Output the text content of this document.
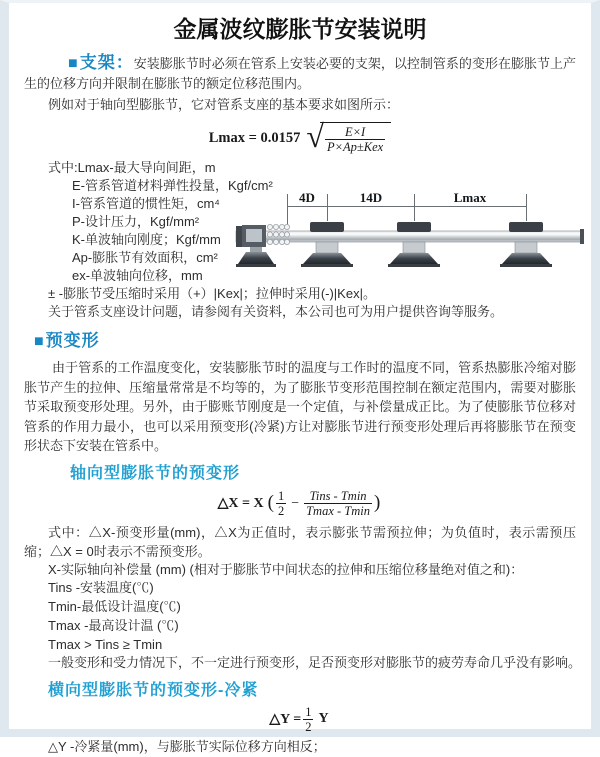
金属波纹膨胀节安装说明

■支架：安装膨胀节时必须在管系上安装必要的支架，以控制管系的变形在膨胀节上产生的位移方向并限制在膨胀节的额定位移范围内。

例如对于轴向型膨胀节，它对管系支座的基本要求如图所示：

Lmax = 0.0157 √ $\frac{E\times I}{\text{P×Ap±Kex}}$
式中:Lmax-最大导向间距，m
E-管系管道材料弹性投量，Kgf/cm²
I-管系管道的惯性矩，cm⁴
P-设计压力，Kgf/mm²
K-单波轴向刚度；Kgf/mm
Ap-膨胀节有效面积，cm²
ex-单波轴向位移，mm
± -膨胀节受压缩时采用（+）|Kex|；拉伸时采用(-)|Kex|。
关于管系支座设计问题，请参阅有关资料，本公司也可为用户提供咨询等服务。
4D	14D	Lmax
■预变形

由于管系的工作温度变化，安装膨胀节时的温度与工作时的温度不同，管系热膨胀冷缩对膨胀节产生的拉伸、压缩量常常是不均等的，为了膨胀节变形范围控制在额定范围内，需要对膨胀节采取预变形处理。另外，由于膨账节刚度是一个定值，与补偿量成正比。为了使膨胀节位移对管系的作用力最小，也可以采用预变形(冷紧)方让对膨胀节进行预变形处理后再将膨胀节在预变形状态下安装在管系中。

轴向型膨胀节的预变形
△X = X ( $\frac{1}{2} - \frac{\text{Tins - Tmin}}{Tmax - Tmin}$ )

式中：△X-预变形量(mm)，△X为正值时，表示膨张节需预拉伸；为负值时，表示需预压缩；△X = 0时表示不需预变形。

X-实际轴向补偿量 (mm) (相对于膨胀节中间状态的拉伸和压缩位移量绝对值之和)：
Tins -安装温度(℃)
Tmin-最低设计温度(℃)
Tmax -最高设计温 (℃)
Tmax > Tins ≥ Tmin
一般变形和受力情况下，不一定进行预变形，足否预变形对膨胀节的疲劳寿命几乎没有影响。
横向型膨胀节的预变形-冷紧
△Y = $\frac{1}{2}$ Y
△Y -冷紧量(mm)，与膨胀节实际位移方向相反；
